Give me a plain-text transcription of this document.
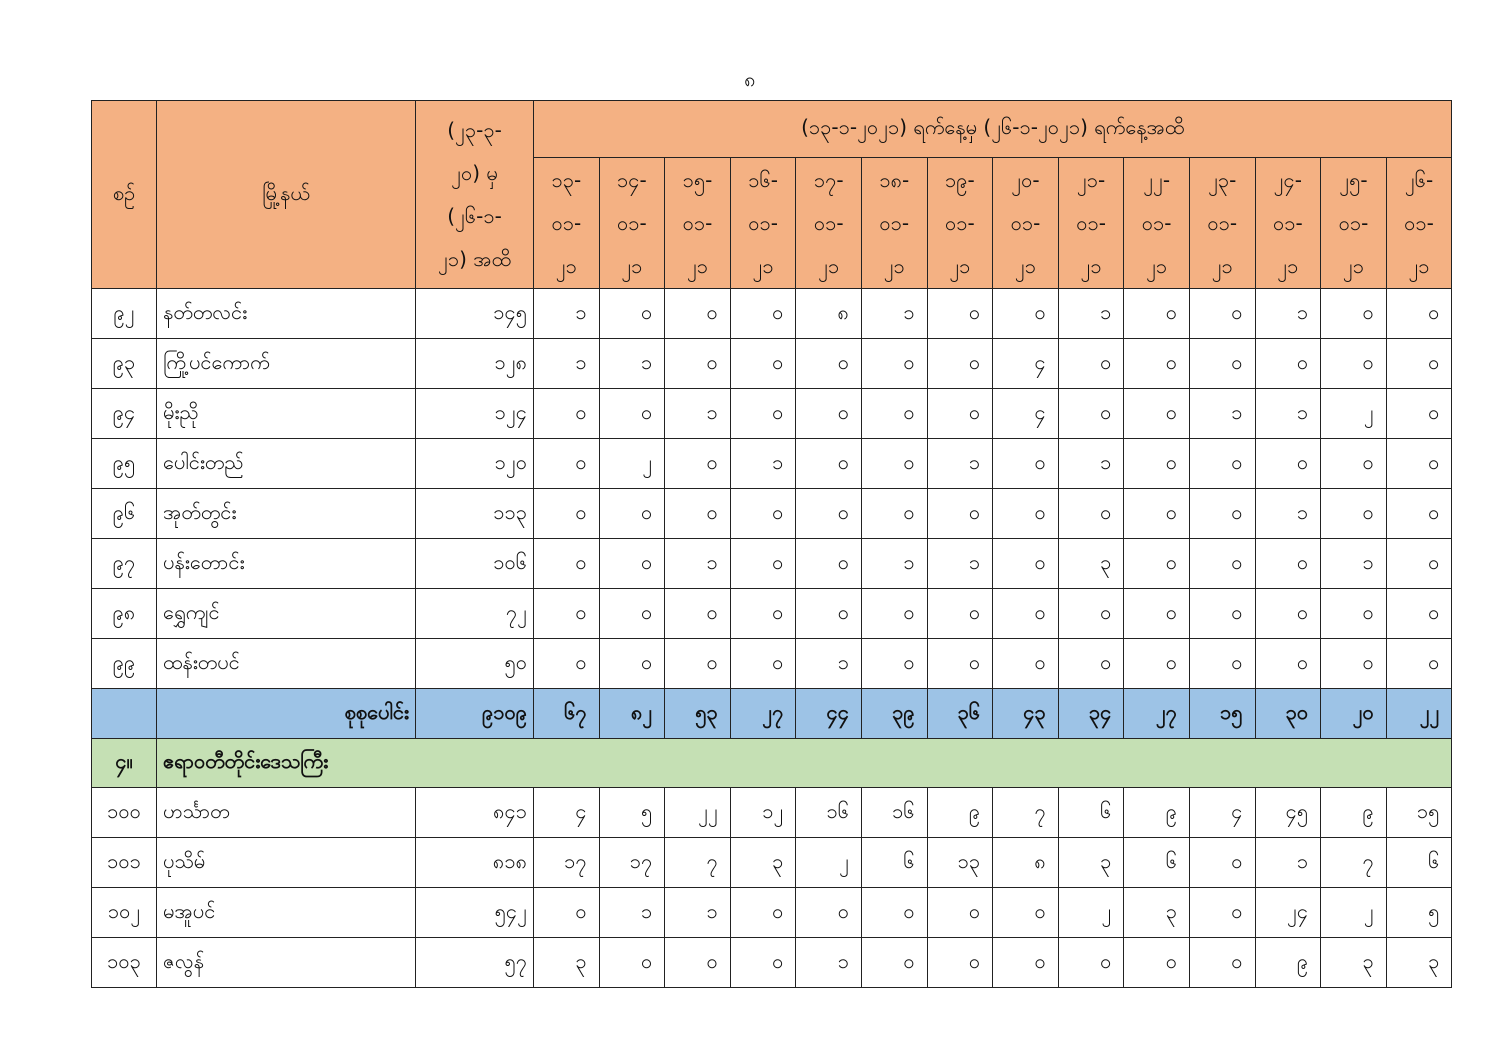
၈
စဉ်	မြို့နယ်	(၂၃-၃-
၂၀) မှ
(၂၆-၁-
၂၁) အထိ	(၁၃-၁-၂၀၂၁) ရက်နေ့မှ (၂၆-၁-၂၀၂၁) ရက်နေ့အထိ													

			၁၃-
၀၁-
၂၁	၁၄-
၀၁-
၂၁	၁၅-
၀၁-
၂၁	၁၆-
၀၁-
၂၁	၁၇-
၀၁-
၂၁	၁၈-
၀၁-
၂၁	၁၉-
၀၁-
၂၁	၂၀-
၀၁-
၂၁	၂၁-
၀၁-
၂၁	၂၂-
၀၁-
၂၁	၂၃-
၀၁-
၂၁	၂၄-
၀၁-
၂၁	၂၅-
၀၁-
၂၁	၂၆-
၀၁-
၂၁

၉၂	နတ်တလင်း	၁၄၅	၁	၀	၀	၀	၈	၁	၀	၀	၁	၀	၀	၁	၀	၀
၉၃	ကြို့ပင်ကောက်	၁၂၈	၁	၁	၀	၀	၀	၀	၀	၄	၀	၀	၀	၀	၀	၀
၉၄	မိုးညို	၁၂၄	၀	၀	၁	၀	၀	၀	၀	၄	၀	၀	၁	၁	၂	၀
၉၅	ပေါင်းတည်	၁၂၀	၀	၂	၀	၁	၀	၀	၁	၀	၁	၀	၀	၀	၀	၀
၉၆	အုတ်တွင်း	၁၁၃	၀	၀	၀	၀	၀	၀	၀	၀	၀	၀	၀	၁	၀	၀
၉၇	ပန်းတောင်း	၁၀၆	၀	၀	၁	၀	၀	၁	၁	၀	၃	၀	၀	၀	၁	၀
၉၈	ရွှေကျင်	၇၂	၀	၀	၀	၀	၀	၀	၀	၀	၀	၀	၀	၀	၀	၀
၉၉	ထန်းတပင်	၅၀	၀	၀	၀	၀	၁	၀	၀	၀	၀	၀	၀	၀	၀	၀
	စုစုပေါင်း	၉၁၀၉	၆၇	၈၂	၅၃	၂၇	၄၄	၃၉	၃၆	၄၃	၃၄	၂၇	၁၅	၃၀	၂၀	၂၂
၄။	ဧရာဝတီတိုင်းဒေသကြီး															
၁၀၀	ဟင်္သာတ	၈၄၁	၄	၅	၂၂	၁၂	၁၆	၁၆	၉	၇	၆	၉	၄	၄၅	၉	၁၅
၁၀၁	ပုသိမ်	၈၁၈	၁၇	၁၇	၇	၃	၂	၆	၁၃	၈	၃	၆	၀	၁	၇	၆
၁၀၂	မအူပင်	၅၄၂	၀	၁	၁	၀	၀	၀	၀	၀	၂	၃	၀	၂၄	၂	၅
၁၀၃	ဇလွန်	၅၇	၃	၀	၀	၀	၁	၀	၀	၀	၀	၀	၀	၉	၃	၃
